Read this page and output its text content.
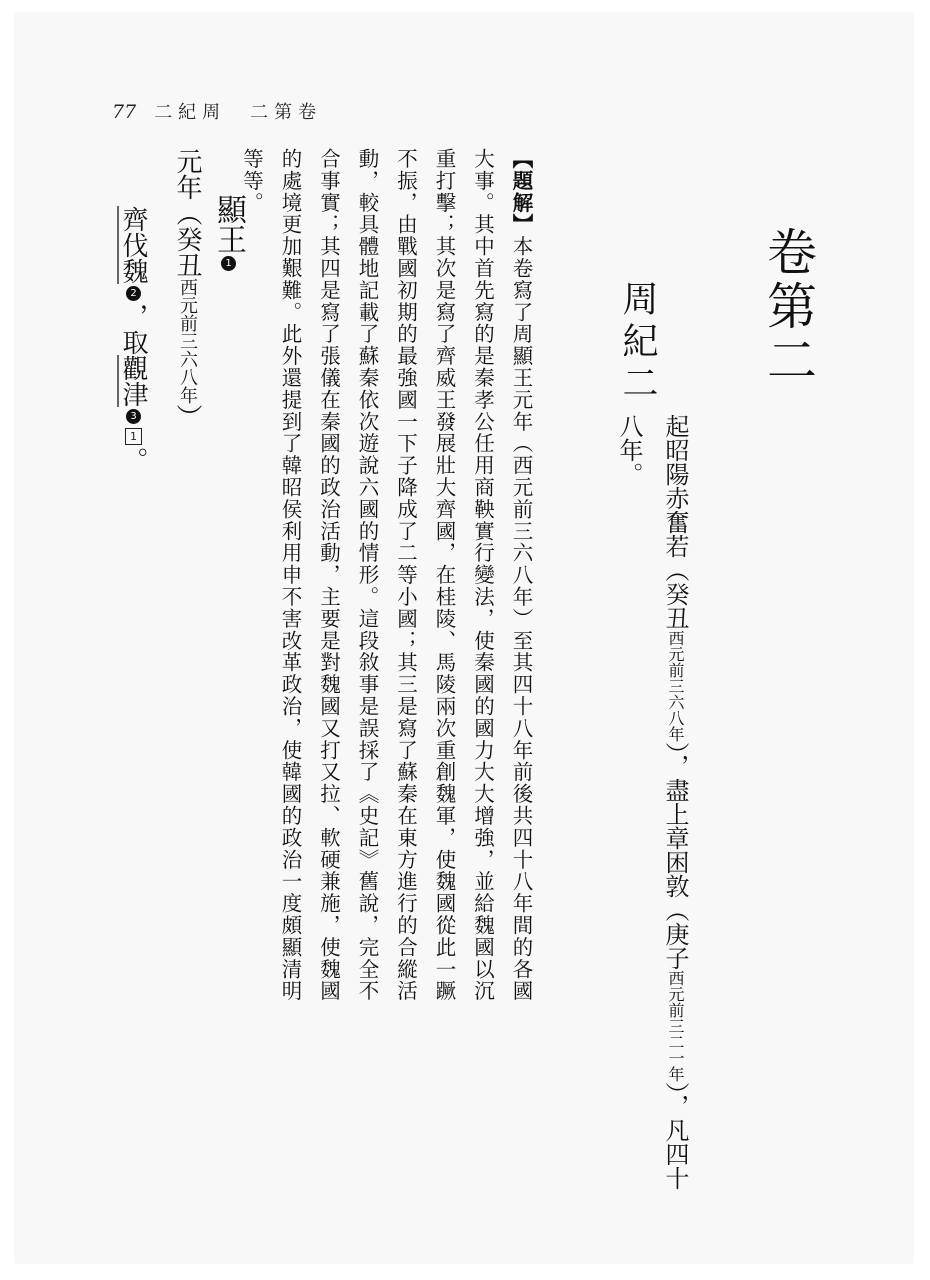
77 二紀周　二第卷
卷第二
周紀二
起昭陽赤奮若（癸丑西元前三六八年），盡上章困敦（庚子西元前三二一年），凡四十八年。
【題解】本卷寫了周顯王元年（西元前三六八年）至其四十八年前後共四十八年間的各國大事。其中首先寫的是秦孝公任用商鞅實行變法，使秦國的國力大大增強，並給魏國以沉重打擊；其次是寫了齊威王發展壯大齊國，在桂陵、馬陵兩次重創魏軍，使魏國從此一蹶不振，由戰國初期的最強國一下子降成了二等小國；其三是寫了蘇秦在東方進行的合縱活動，較具體地記載了蘇秦依次遊說六國的情形。這段敘事是誤採了《史記》舊說，完全不合事實；其四是寫了張儀在秦國的政治活動，主要是對魏國又打又拉、軟硬兼施，使魏國的處境更加艱難。此外還提到了韓昭侯利用申不害改革政治，使韓國的政治一度頗顯清明等等。
顯王1
元年（癸丑西元前三六八年）
齊伐魏2，取觀津31。
